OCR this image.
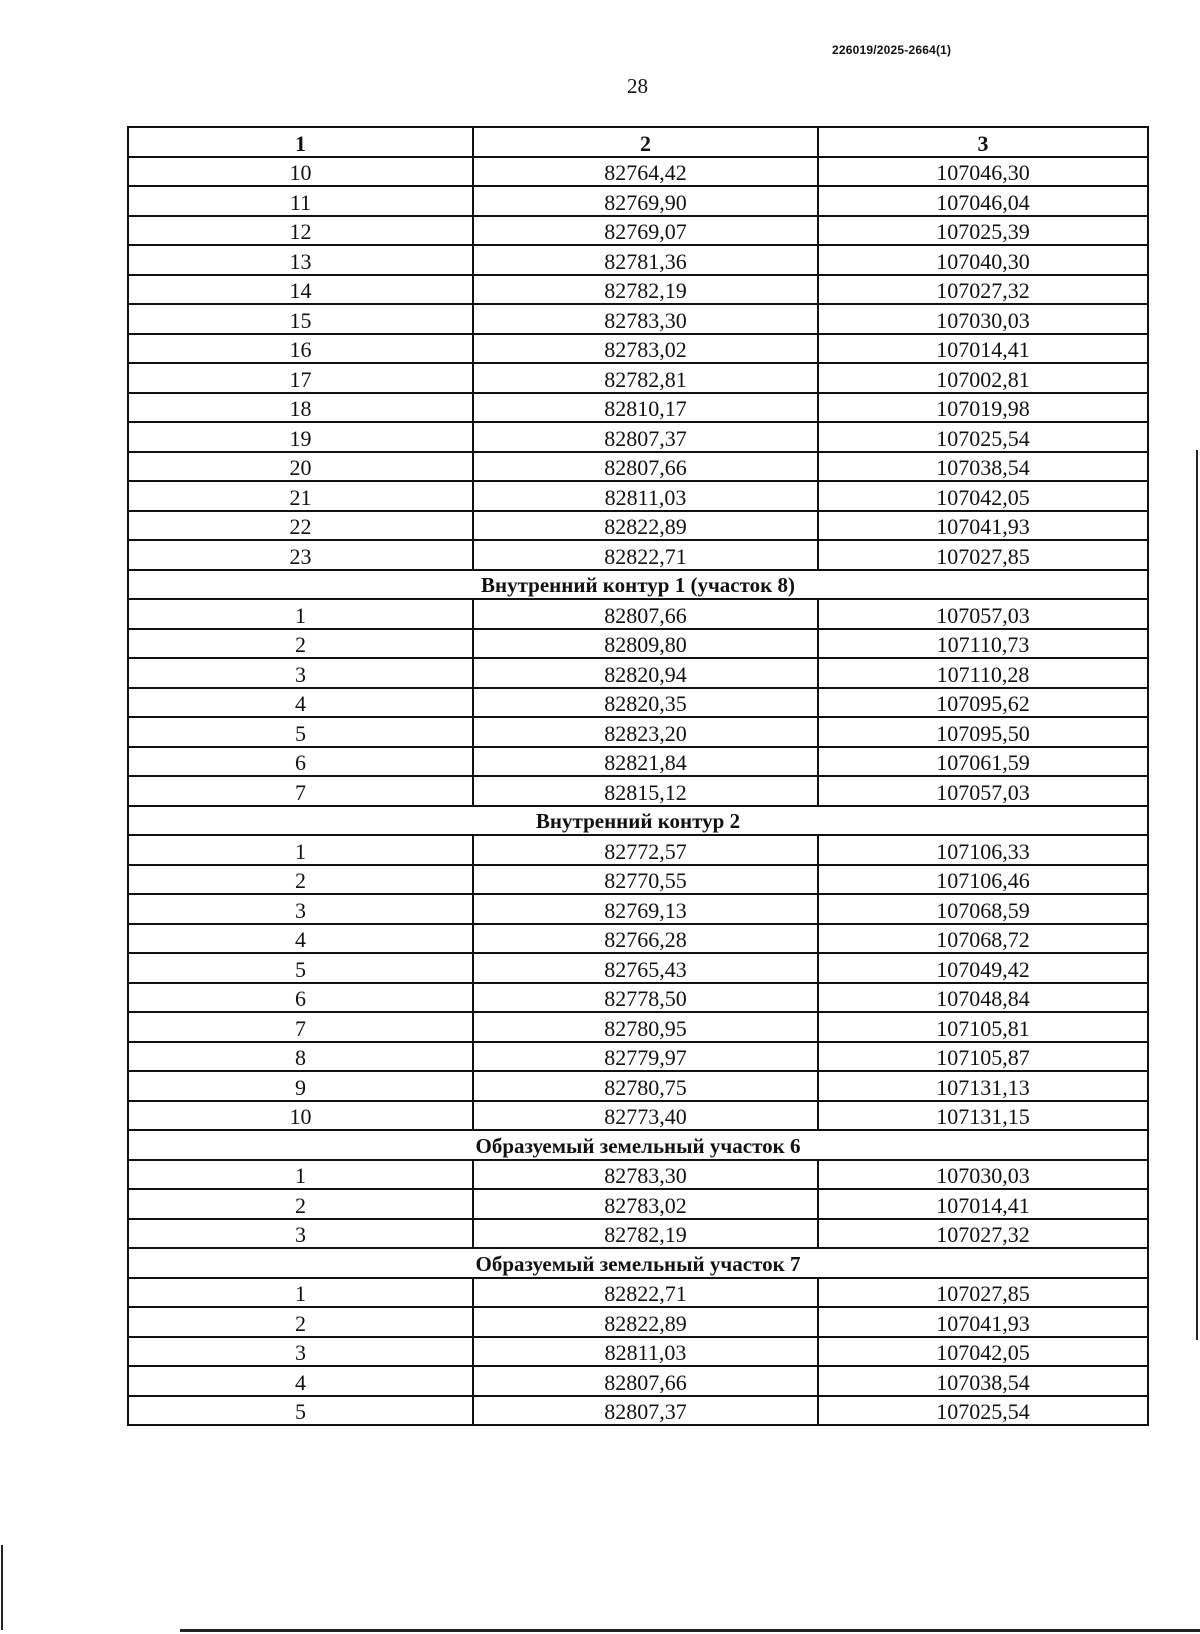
226019/2025-2664(1)
28
1	2	3
10	82764,42	107046,30
11	82769,90	107046,04
12	82769,07	107025,39
13	82781,36	107040,30
14	82782,19	107027,32
15	82783,30	107030,03
16	82783,02	107014,41
17	82782,81	107002,81
18	82810,17	107019,98
19	82807,37	107025,54
20	82807,66	107038,54
21	82811,03	107042,05
22	82822,89	107041,93
23	82822,71	107027,85
Внутренний контур 1 (участок 8)		
1	82807,66	107057,03
2	82809,80	107110,73
3	82820,94	107110,28
4	82820,35	107095,62
5	82823,20	107095,50
6	82821,84	107061,59
7	82815,12	107057,03
Внутренний контур 2		
1	82772,57	107106,33
2	82770,55	107106,46
3	82769,13	107068,59
4	82766,28	107068,72
5	82765,43	107049,42
6	82778,50	107048,84
7	82780,95	107105,81
8	82779,97	107105,87
9	82780,75	107131,13
10	82773,40	107131,15
Образуемый земельный участок 6		
1	82783,30	107030,03
2	82783,02	107014,41
3	82782,19	107027,32
Образуемый земельный участок 7		
1	82822,71	107027,85
2	82822,89	107041,93
3	82811,03	107042,05
4	82807,66	107038,54
5	82807,37	107025,54
